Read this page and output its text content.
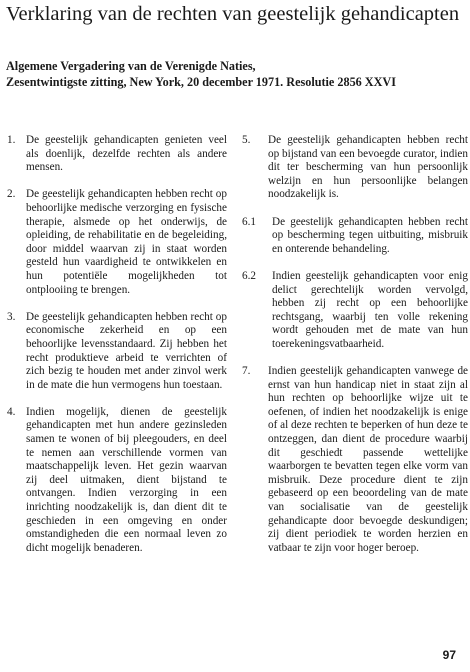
Verklaring van de rechten van geestelijk gehandicapten
Algemene Vergadering van de Verenigde Naties,
Zesentwintigste zitting, New York, 20 december 1971. Resolutie 2856 XXVI
1. De geestelijk gehandicapten genieten veel als doenlijk, dezelfde rechten als andere mensen.
2. De geestelijk gehandicapten hebben recht op behoorlijke medische verzorging en fysische therapie, alsmede op het onderwijs, de opleiding, de rehabilitatie en de begeleiding, door middel waarvan zij in staat worden gesteld hun vaardigheid te ontwikkelen en hun potentiële mogelijkheden tot ontplooiing te brengen.
3. De geestelijk gehandicapten hebben recht op economische zekerheid en op een behoorlijke levensstandaard. Zij hebben het recht produktieve arbeid te verrichten of zich bezig te houden met ander zinvol werk in de mate die hun vermogens hun toestaan.
4. Indien mogelijk, dienen de geestelijk gehandicapten met hun andere gezinsleden samen te wonen of bij pleegouders, en deel te nemen aan verschillende vormen van maatschappelijk leven. Het gezin waarvan zij deel uitmaken, dient bijstand te ontvangen. Indien verzorging in een inrichting noodzakelijk is, dan dient dit te geschieden in een omgeving en onder omstandigheden die een normaal leven zo dicht mogelijk benaderen.
5.	De geestelijk gehandicapten hebben recht op bijstand van een bevoegde curator, indien dit ter bescherming van hun persoonlijk welzijn en hun persoonlijke belangen noodzakelijk is.
6.1	De geestelijk gehandicapten hebben recht op bescherming tegen uitbuiting, misbruik en onterende behandeling.
6.2	Indien geestelijk gehandicapten voor enig delict gerechtelijk worden vervolgd, hebben zij recht op een behoorlijke rechtsgang, waarbij ten volle rekening wordt gehouden met de mate van hun toerekeningsvatbaarheid.
7.	Indien geestelijk gehandicapten vanwege de ernst van hun handicap niet in staat zijn al hun rechten op behoorlijke wijze uit te oefenen, of indien het noodzakelijk is enige of al deze rechten te beperken of hun deze te ontzeggen, dan dient de procedure waarbij dit geschiedt passende wettelijke waarborgen te bevatten tegen elke vorm van misbruik. Deze procedure dient te zijn gebaseerd op een beoordeling van de mate van socialisatie van de geestelijk gehandicapte door bevoegde deskundigen; zij dient periodiek te worden herzien en vatbaar te zijn voor hoger beroep.
97
